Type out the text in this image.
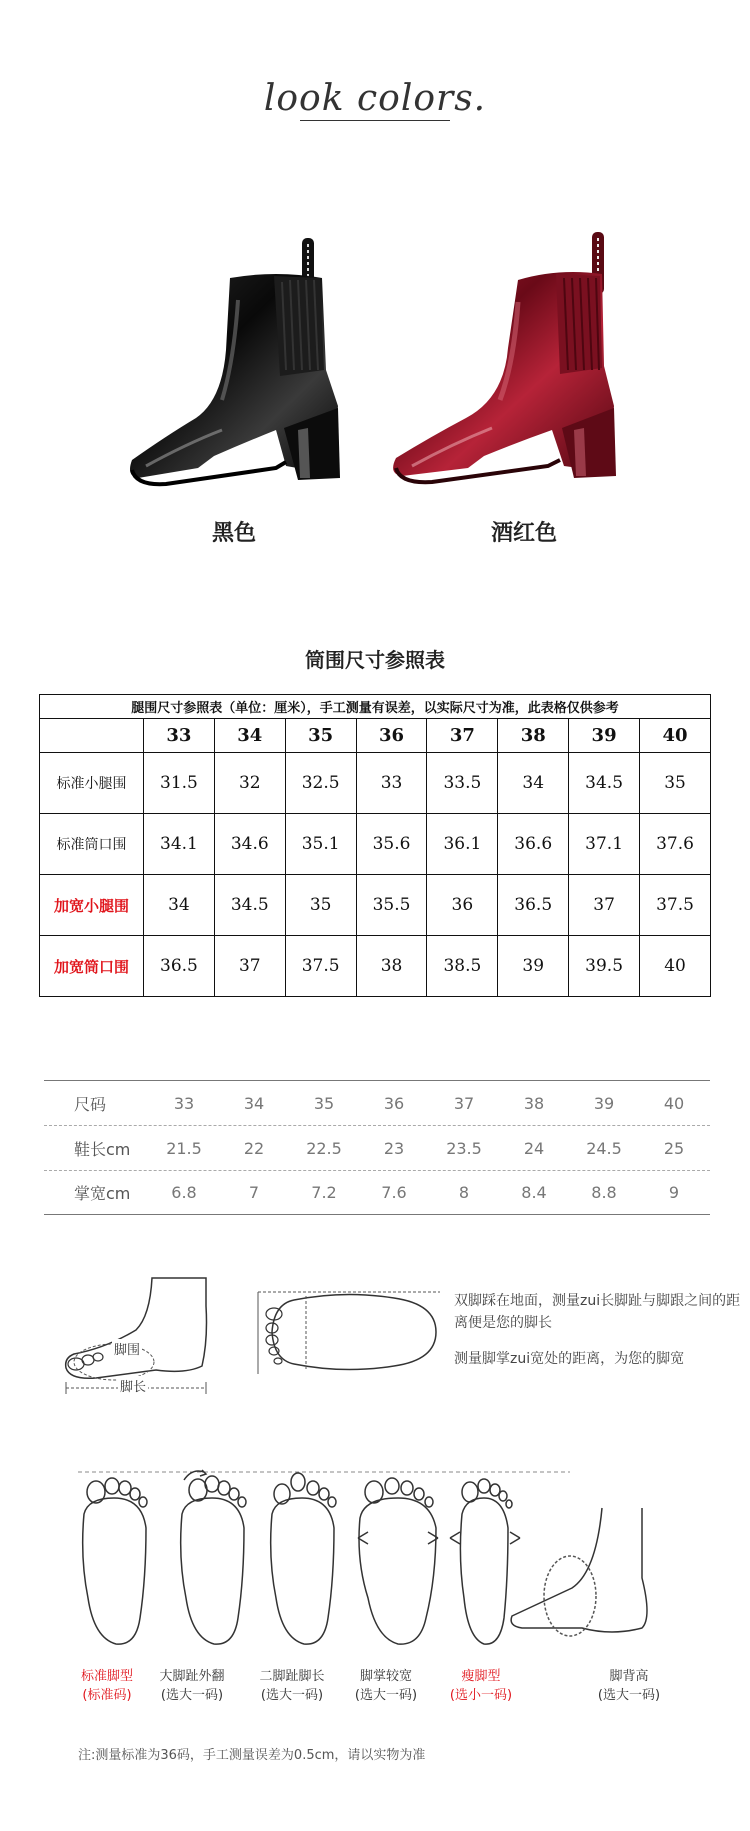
look colors.
黑色	酒红色
筒围尺寸参照表
腿围尺寸参照表（单位：厘米），手工测量有误差，以实际尺寸为准，此表格仅供参考								
	33	34	35	36	37	38	39	40
标准小腿围	31.5	32	32.5	33	33.5	34	34.5	35
标准筒口围	34.1	34.6	35.1	35.6	36.1	36.6	37.1	37.6
加宽小腿围	34	34.5	35	35.5	36	36.5	37	37.5
加宽筒口围	36.5	37	37.5	38	38.5	39	39.5	40
尺码	33	34	35	36	37	38	39	40
鞋长cm	21.5	22	22.5	23	23.5	24	24.5	25
掌宽cm	6.8	7	7.2	7.6	8	8.4	8.8	9
脚围
脚长
双脚踩在地面，测量zui长脚趾与脚跟之间的距离便是您的脚长
测量脚掌zui宽处的距离，为您的脚宽
标准脚型
(标准码)
大脚趾外翻
(选大一码)
二脚趾脚长
(选大一码)
脚掌较宽
(选大一码)
瘦脚型
(选小一码)
脚背高
(选大一码)
注:测量标准为36码，手工测量误差为0.5cm，请以实物为准
